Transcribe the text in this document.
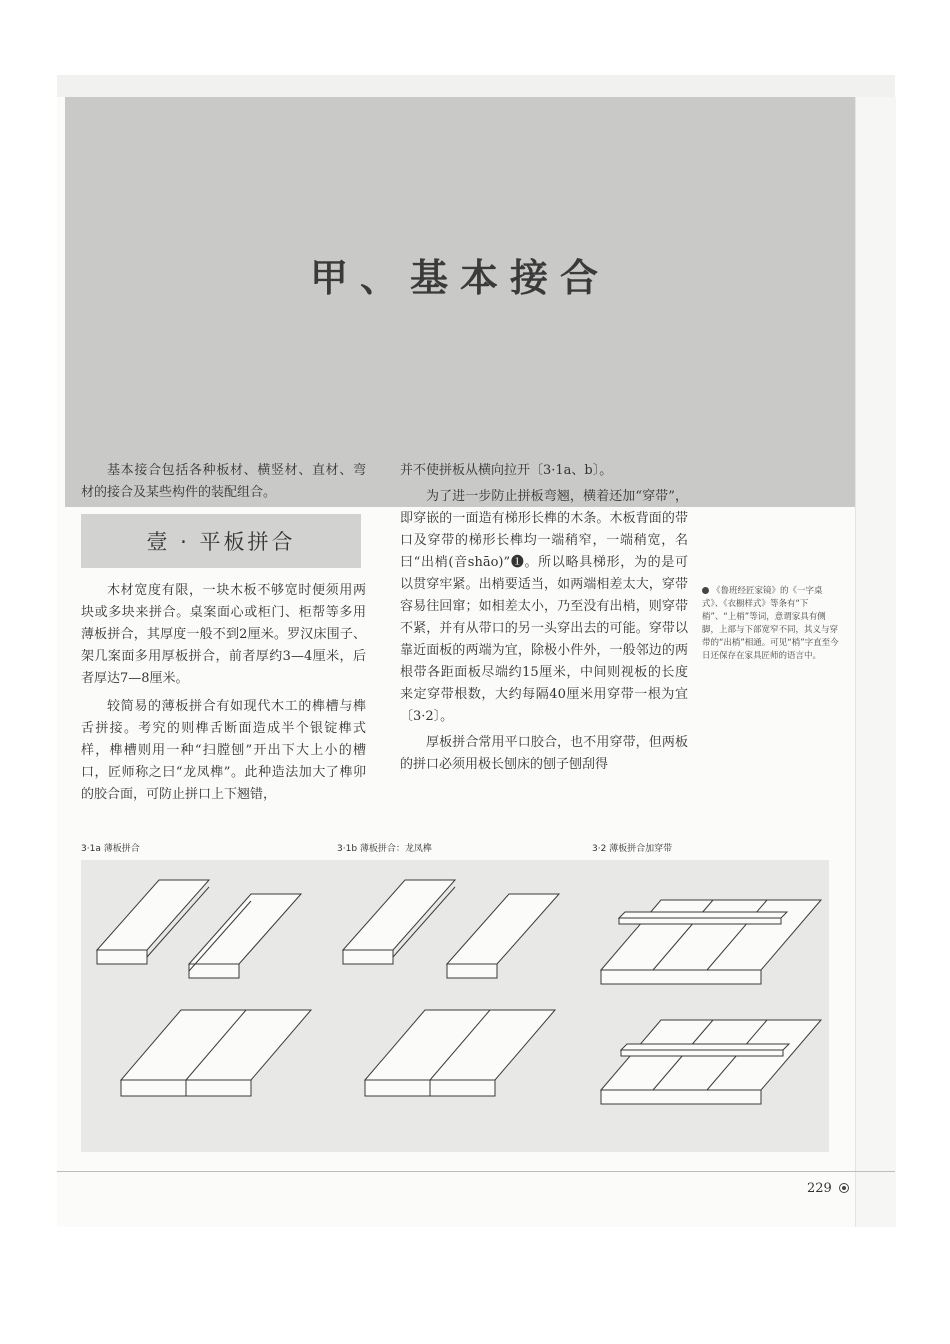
甲、基本接合

基本接合包括各种板材、横竖材、直材、弯材的接合及某些构件的装配组合。

壹 · 平板拼合

木材宽度有限，一块木板不够宽时便须用两块或多块来拼合。桌案面心或柜门、柜帮等多用薄板拼合，其厚度一般不到2厘米。罗汉床围子、架几案面多用厚板拼合，前者厚约3—4厘米，后者厚达7—8厘米。

较简易的薄板拼合有如现代木工的榫槽与榫舌拼接。考究的则榫舌断面造成半个银锭榫式样，榫槽则用一种“扫膛刨”开出下大上小的槽口，匠师称之曰“龙凤榫”。此种造法加大了榫卯的胶合面，可防止拼口上下翘错，

并不使拼板从横向拉开〔3·1a、b〕。

为了进一步防止拼板弯翘，横着还加“穿带”，即穿嵌的一面造有梯形长榫的木条。木板背面的带口及穿带的梯形长榫均一端稍窄，一端稍宽，名曰“出梢(音shāo)”❶。所以略具梯形，为的是可以贯穿牢紧。出梢要适当，如两端相差太大，穿带容易往回窜；如相差太小，乃至没有出梢，则穿带不紧，并有从带口的另一头穿出去的可能。穿带以靠近面板的两端为宜，除极小件外，一般邻边的两根带各距面板尽端约15厘米，中间则视板的长度来定穿带根数，大约每隔40厘米用穿带一根为宜〔3·2〕。

厚板拼合常用平口胶合，也不用穿带，但两板的拼口必须用极长刨床的刨子刨刮得

《鲁班经匠家镜》的《一字桌式》、《衣橱样式》等条有“下梢”、“上梢”等词，意谓家具有侧脚，上部与下部宽窄不同，其义与穿带的“出梢”相通。可见“梢”字直至今日还保存在家具匠师的语言中。
3·1a 薄板拼合	3·1b 薄板拼合：龙凤榫	3·2 薄板拼合加穿带
229
